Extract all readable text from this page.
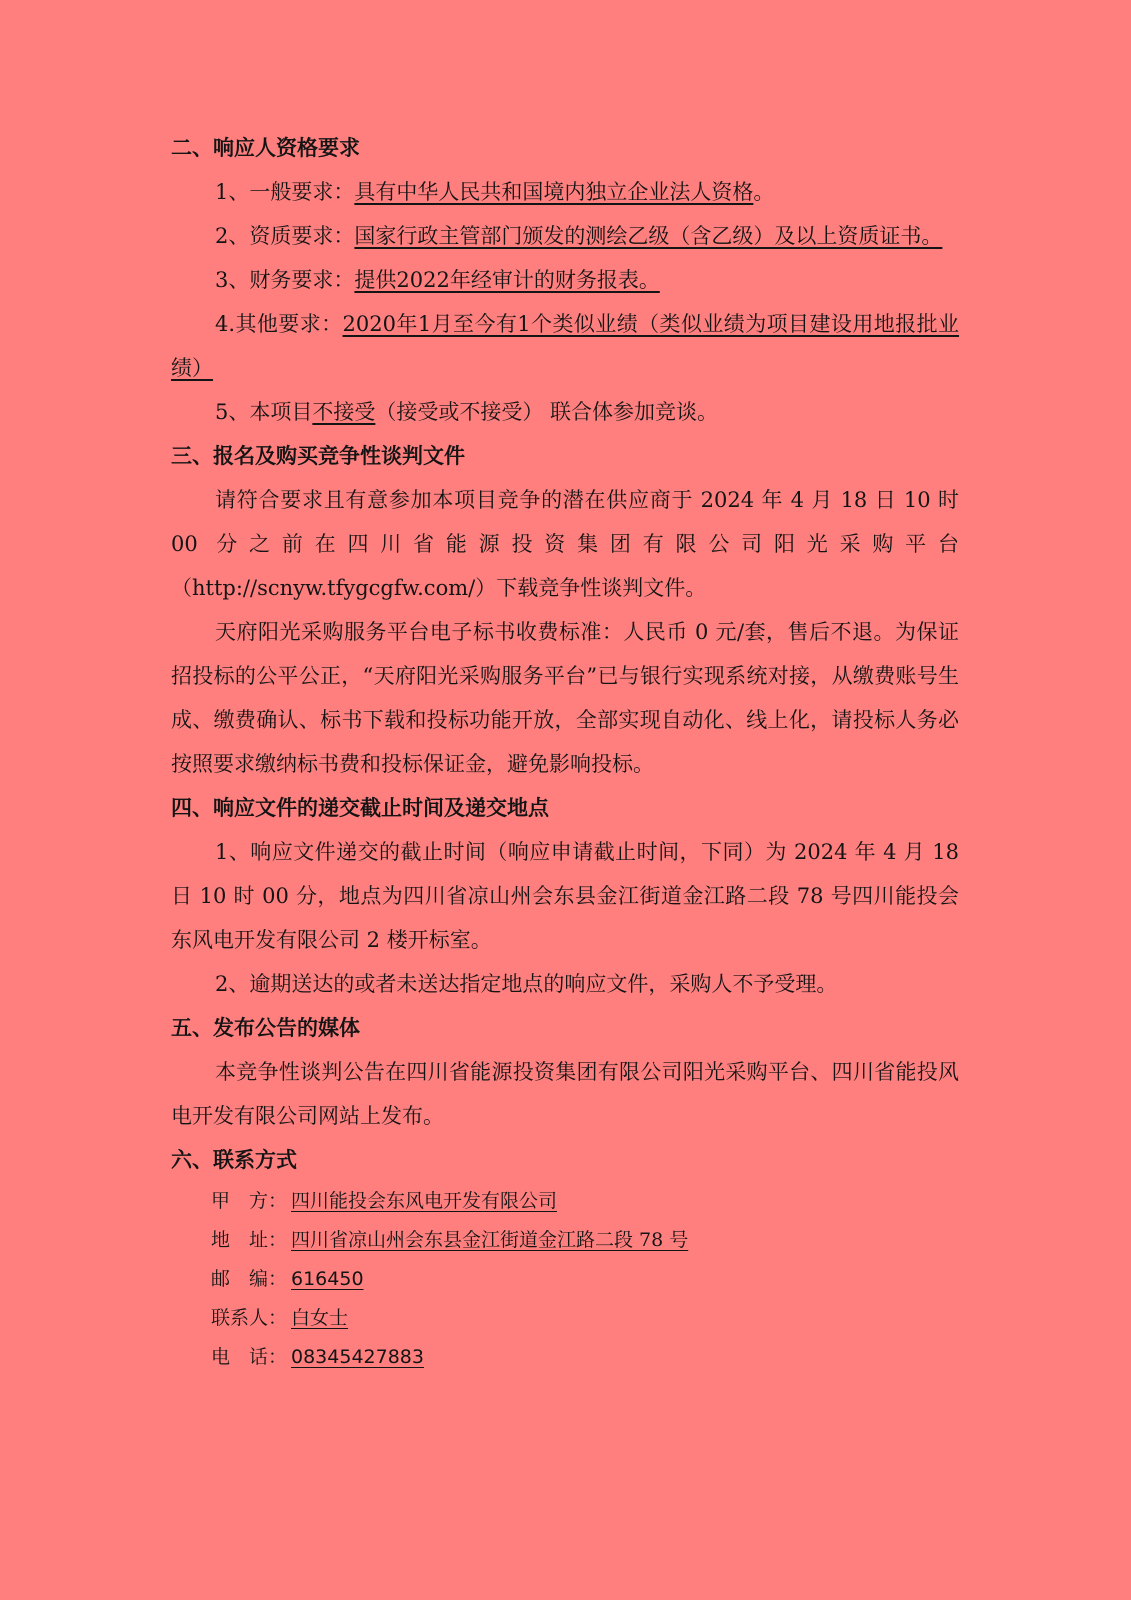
二、响应人资格要求
1、一般要求：具有中华人民共和国境内独立企业法人资格。
2、资质要求：国家行政主管部门颁发的测绘乙级（含乙级）及以上资质证书。
3、财务要求：提供2022年经审计的财务报表。
4.其他要求：2020年1月至今有1个类似业绩（类似业绩为项目建设用地报批业绩）
5、本项目不接受（接受或不接受） 联合体参加竞谈。
三、报名及购买竞争性谈判文件
请符合要求且有意参加本项目竞争的潜在供应商于 2024 年 4 月 18 日 10 时 00 分之前在四川省能源投资集团有限公司阳光采购平台（http://scnyw.tfygcgfw.com/）下载竞争性谈判文件。
天府阳光采购服务平台电子标书收费标准：人民币 0 元/套，售后不退。为保证招投标的公平公正，“天府阳光采购服务平台”已与银行实现系统对接，从缴费账号生成、缴费确认、标书下载和投标功能开放，全部实现自动化、线上化，请投标人务必按照要求缴纳标书费和投标保证金，避免影响投标。
四、响应文件的递交截止时间及递交地点
1、响应文件递交的截止时间（响应申请截止时间，下同）为 2024 年 4 月 18 日 10 时 00 分，地点为四川省凉山州会东县金江街道金江路二段 78 号四川能投会东风电开发有限公司 2 楼开标室。
2、逾期送达的或者未送达指定地点的响应文件，采购人不予受理。
五、发布公告的媒体
本竞争性谈判公告在四川省能源投资集团有限公司阳光采购平台、四川省能投风电开发有限公司网站上发布。
六、联系方式
甲　方： 四川能投会东风电开发有限公司
地　址： 四川省凉山州会东县金江街道金江路二段 78 号
邮　编： 616450
联系人： 白女士
电　话： 08345427883
